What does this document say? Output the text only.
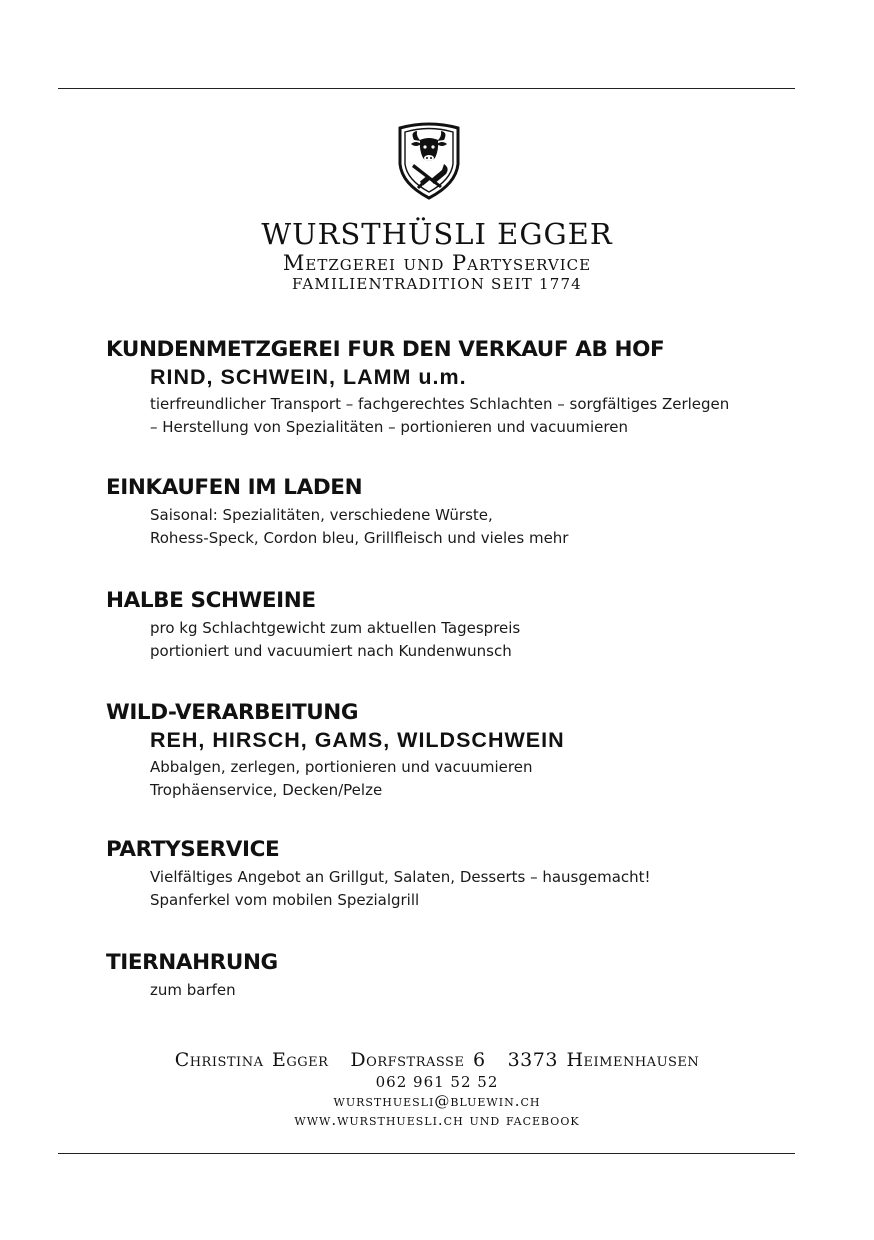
WURSTHÜSLI EGGER
Metzgerei und Partyservice
FAMILIENTRADITION SEIT 1774
KUNDENMETZGEREI FUR DEN VERKAUF AB HOF
RIND, SCHWEIN, LAMM u.m.
tierfreundlicher Transport – fachgerechtes Schlachten – sorgfältiges Zerlegen
– Herstellung von Spezialitäten – portionieren und vacuumieren
EINKAUFEN IM LADEN
Saisonal: Spezialitäten, verschiedene Würste,
Rohess-Speck, Cordon bleu, Grillfleisch und vieles mehr
HALBE SCHWEINE
pro kg Schlachtgewicht zum aktuellen Tagespreis
portioniert und vacuumiert nach Kundenwunsch
WILD-VERARBEITUNG
REH, HIRSCH, GAMS, WILDSCHWEIN
Abbalgen, zerlegen, portionieren und vacuumieren
Trophäenservice, Decken/Pelze
PARTYSERVICE
Vielfältiges Angebot an Grillgut, Salaten, Desserts – hausgemacht!
Spanferkel vom mobilen Spezialgrill
TIERNAHRUNG
zum barfen
Christina Egger Dorfstrasse 6 3373 Heimenhausen
062 961 52 52
wursthuesli@bluewin.ch
www.wursthuesli.ch und facebook
